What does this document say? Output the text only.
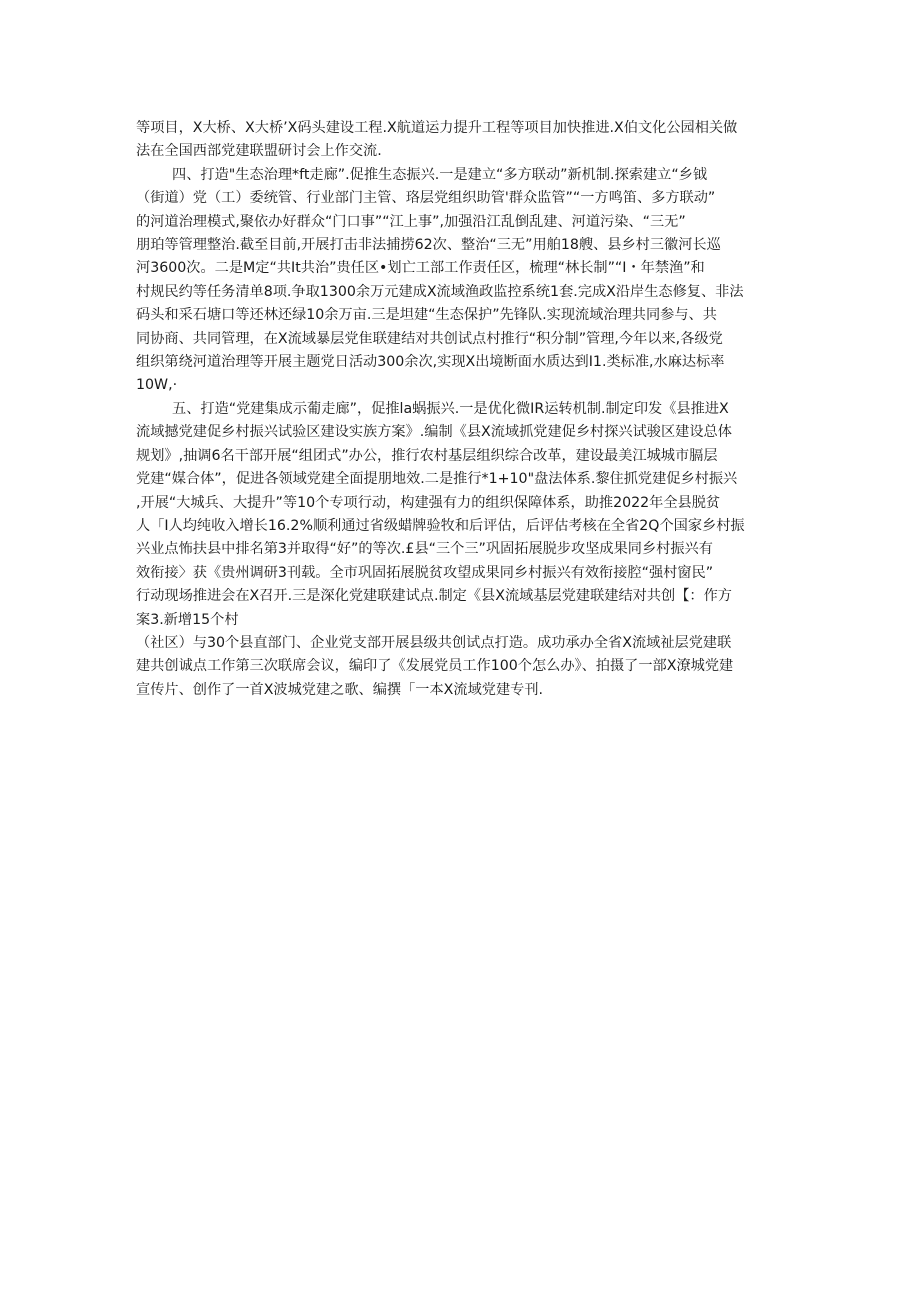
等项目，X大桥、X大桥’X码头建设工程.X航道运力提升工程等项目加快推进.X伯文化公园相关做
法在全国西部党建联盟研讨会上作交流.
四、打造"生态治理*ft走廊”.促推生态振兴.一是建立“多方联动”新机制.探索建立“乡钺
（街道）党（工）委统管、行业部门主管、珞层党组织助管'群众监管”“一方鸣笛、多方联动”
的河道治理模式,聚依办好群众“门口事”“江上事”,加强沿江乱倒乱建、河道污染、“三无”
朋珀等管理整治.截至目前,开展打击非法捕捞62次、整治“三无”用舶18艘、县乡村三徽河长巡
河3600次。二是M定“共It共治”贵任区•划亡工部工作责任区，梳理“林长制”“I・年禁渔”和
村规民约等任务清单8项.争取1300余万元建成X流域渔政监控系统1套.完成X沿岸生态修复、非法
码头和采石塘口等还林还绿10余万亩.三是坦建“生态保护”先锋队.实现流域治理共同参与、共
同协商、共同管理，在X流域暴层党隹联建结对共创试点村推行“积分制”管理,今年以来,各级党
组织第绕河道治理等开展主题党日活动300余次,实现X出境断面水质达到I1.类标准,水麻达标率
10W,·
五、打造“党建集成示葡走廊”，促推la蜗振兴.一是优化微IR运转机制.制定印发《县推进X
流域撼党建促乡村振兴试验区建设实族方案》.编制《县X流域抓党建促乡村探兴试骏区建设总体
规划》,抽调6名干部开展“组团式”办公，推行农村基层组织综合改革，建设最美江城城市膈层
党建“媒合体”，促进各领域党建全面提朋地效.二是推行*1+10"盘法体系.黎住抓党建促乡村振兴
,开展“大城兵、大提升”等10个专项行动，构建强有力的组织保障体系，助推2022年全县脱贫
人「I人均纯收入增长16.2%顺利通过省级蜡牌验牧和后评估，后评估考核在全省2Q个国家乡村振
兴业点怖扶县中排名第3并取得“好”的等次.£县“三个三”巩固拓展脱步攻坚成果同乡村振兴有
效衔接〉获《贵州调研3刊载。全市巩固拓展脱贫攻望成果同乡村振兴有效衔接腔“强村窗民”
行动现场推进会在X召开.三是深化党建联建试点.制定《县X流域基层党建联建结对共创【：作方
案3.新增15个村
（社区）与30个县直部门、企业党支部开展县级共创试点打造。成功承办全省X流域祉层党建联
建共创诚点工作第三次联席会议，编印了《发展党员工作100个怎么办》、拍摄了一部X潦城党建
宣传片、创作了一首X波城党建之歌、编撰「一本X流域党建专刊.
